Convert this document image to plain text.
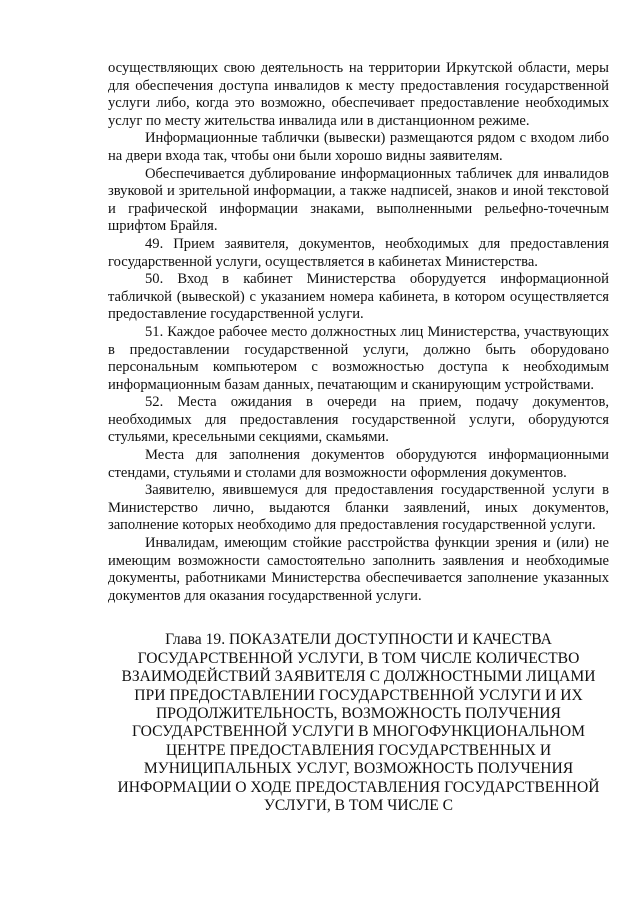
осуществляющих свою деятельность на территории Иркутской области, меры для обеспечения доступа инвалидов к месту предоставления государственной услуги либо, когда это возможно, обеспечивает предоставление необходимых услуг по месту жительства инвалида или в дистанционном режиме.

Информационные таблички (вывески) размещаются рядом с входом либо на двери входа так, чтобы они были хорошо видны заявителям.

Обеспечивается дублирование информационных табличек для инвалидов звуковой и зрительной информации, а также надписей, знаков и иной текстовой и графической информации знаками, выполненными рельефно-точечным шрифтом Брайля.

49. Прием заявителя, документов, необходимых для предоставления государственной услуги, осуществляется в кабинетах Министерства.

50. Вход в кабинет Министерства оборудуется информационной табличкой (вывеской) с указанием номера кабинета, в котором осуществляется предоставление государственной услуги.

51. Каждое рабочее место должностных лиц Министерства, участвующих в предоставлении государственной услуги, должно быть оборудовано персональным компьютером с возможностью доступа к необходимым информационным базам данных, печатающим и сканирующим устройствами.

52. Места ожидания в очереди на прием, подачу документов, необходимых для предоставления государственной услуги, оборудуются стульями, кресельными секциями, скамьями.

Места для заполнения документов оборудуются информационными стендами, стульями и столами для возможности оформления документов.

Заявителю, явившемуся для предоставления государственной услуги в Министерство лично, выдаются бланки заявлений, иных документов, заполнение которых необходимо для предоставления государственной услуги.

Инвалидам, имеющим стойкие расстройства функции зрения и (или) не имеющим возможности самостоятельно заполнить заявления и необходимые документы, работниками Министерства обеспечивается заполнение указанных документов для оказания государственной услуги.

Глава 19. ПОКАЗАТЕЛИ ДОСТУПНОСТИ И КАЧЕСТВА ГОСУДАРСТВЕННОЙ УСЛУГИ, В ТОМ ЧИСЛЕ КОЛИЧЕСТВО ВЗАИМОДЕЙСТВИЙ ЗАЯВИТЕЛЯ С ДОЛЖНОСТНЫМИ ЛИЦАМИ ПРИ ПРЕДОСТАВЛЕНИИ ГОСУДАРСТВЕННОЙ УСЛУГИ И ИХ ПРОДОЛЖИТЕЛЬНОСТЬ, ВОЗМОЖНОСТЬ ПОЛУЧЕНИЯ ГОСУДАРСТВЕННОЙ УСЛУГИ В МНОГОФУНКЦИОНАЛЬНОМ ЦЕНТРЕ ПРЕДОСТАВЛЕНИЯ ГОСУДАРСТВЕННЫХ И МУНИЦИПАЛЬНЫХ УСЛУГ, ВОЗМОЖНОСТЬ ПОЛУЧЕНИЯ ИНФОРМАЦИИ О ХОДЕ ПРЕДОСТАВЛЕНИЯ ГОСУДАРСТВЕННОЙ УСЛУГИ, В ТОМ ЧИСЛЕ С
